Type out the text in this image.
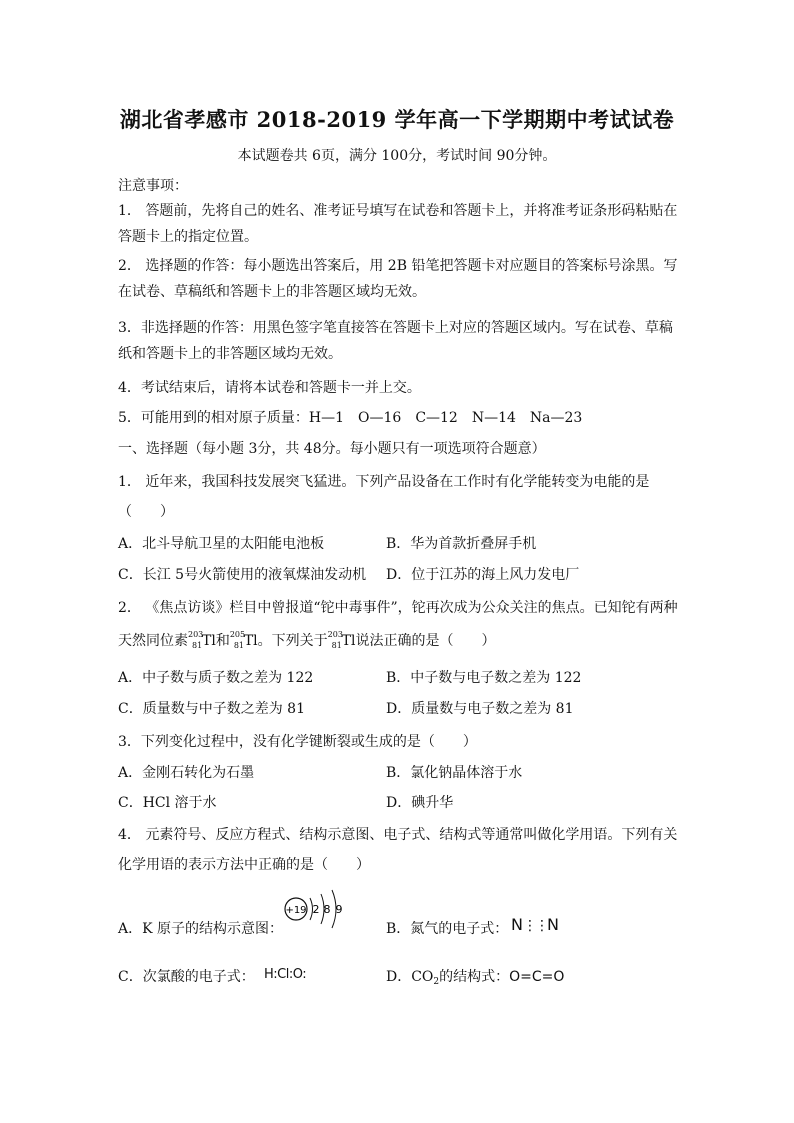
湖北省孝感市 2018-2019 学年高一下学期期中考试试卷
本试题卷共 6页，满分 100分，考试时间 90分钟。
注意事项：
1． 答题前，先将自己的姓名、准考证号填写在试卷和答题卡上，并将准考证条形码粘贴在
答题卡上的指定位置。
2． 选择题的作答：每小题选出答案后，用 2B 铅笔把答题卡对应题目的答案标号涂黑。写
在试卷、草稿纸和答题卡上的非答题区域均无效。
3．非选择题的作答：用黑色签字笔直接答在答题卡上对应的答题区域内。写在试卷、草稿
纸和答题卡上的非答题区域均无效。
4．考试结束后，请将本试卷和答题卡一并上交。
5．可能用到的相对原子质量：H—1　O—16　C—12　N—14　Na—23
一、选择题（每小题 3分，共 48分。每小题只有一项选项符合题意）
1． 近年来，我国科技发展突飞猛进。下列产品设备在工作时有化学能转变为电能的是
（　　）
A．北斗导航卫星的太阳能电池板	B．华为首款折叠屏手机
C．长江 5号火箭使用的液氧煤油发动机 D．位于江苏的海上风力发电厂
2． 《焦点访谈》栏目中曾报道“铊中毒事件”，铊再次成为公众关注的焦点。已知铊有两种
天然同位素 203
81 Tl和 205
81 Tl。下列关于 203
81 Tl说法正确的是（　　）
A．中子数与质子数之差为 122	B．中子数与电子数之差为 122
C．质量数与中子数之差为 81	D．质量数与电子数之差为 81
3．下列变化过程中，没有化学键断裂或生成的是（　　）
A．金刚石转化为石墨	B．氯化钠晶体溶于水
C．HCl 溶于水	D．碘升华
4． 元素符号、反应方程式、结构示意图、电子式、结构式等通常叫做化学用语。下列有关
化学用语的表示方法中正确的是（　　）
A．K 原子的结构示意图：
+19 2 8 9
B．氮气的电子式： N⋮⋮N
C．次氯酸的电子式： H:Cl:O:	D．$CO_2$的结构式：O=C=O
